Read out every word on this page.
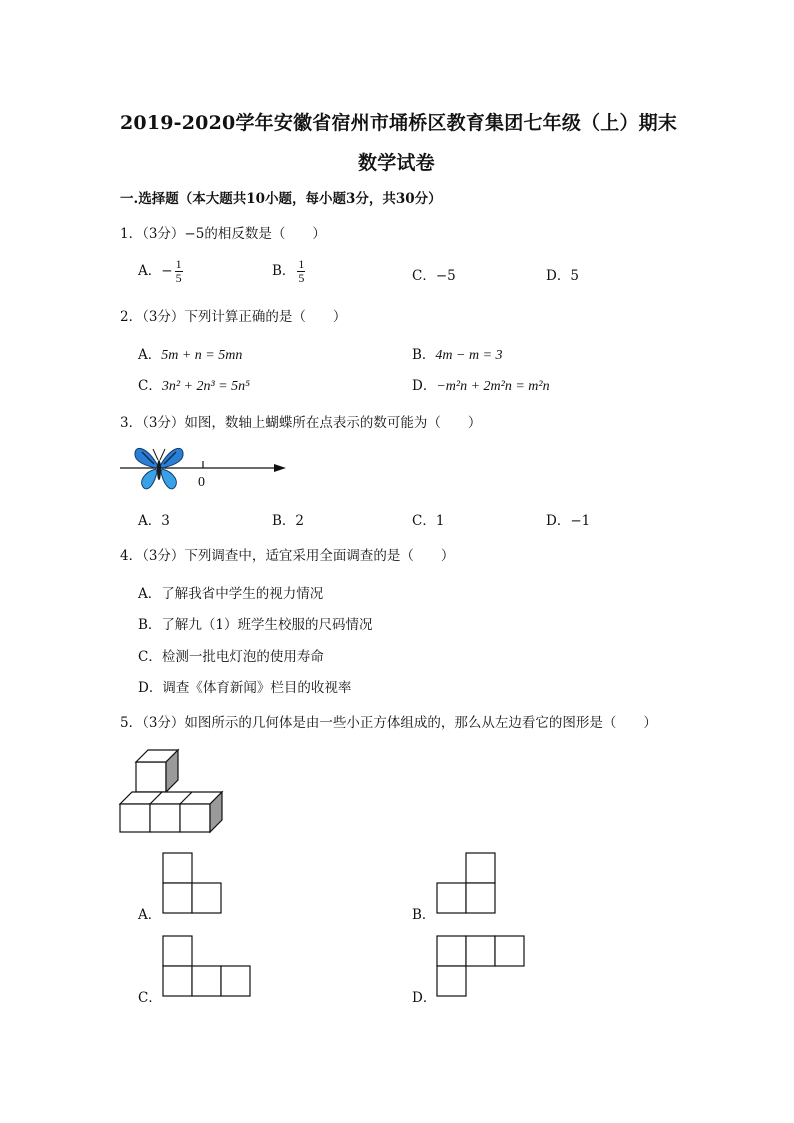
2019-2020学年安徽省宿州市埇桥区教育集团七年级（上）期末
数学试卷
一.选择题（本大题共10小题，每小题3分，共30分）
1．（3分）−5的相反数是（　　）
A．− $\frac{1}{5}$	B． $\frac{1}{5}$	C．−5	D．5
2．（3分）下列计算正确的是（　　）
A．5m + n = 5mn	B．4m − m = 3
C．3n² + 2n³ = 5n⁵	D．−m²n + 2m²n = m²n
3．（3分）如图，数轴上蝴蝶所在点表示的数可能为（　　）
0
A．3	B．2	C．1	D．−1
4．（3分）下列调查中，适宜采用全面调查的是（　　）
A．了解我省中学生的视力情况
B．了解九（1）班学生校服的尺码情况
C．检测一批电灯泡的使用寿命
D．调查《体育新闻》栏目的收视率
5．（3分）如图所示的几何体是由一些小正方体组成的，那么从左边看它的图形是（　　）
A．	B．
C．	D．
